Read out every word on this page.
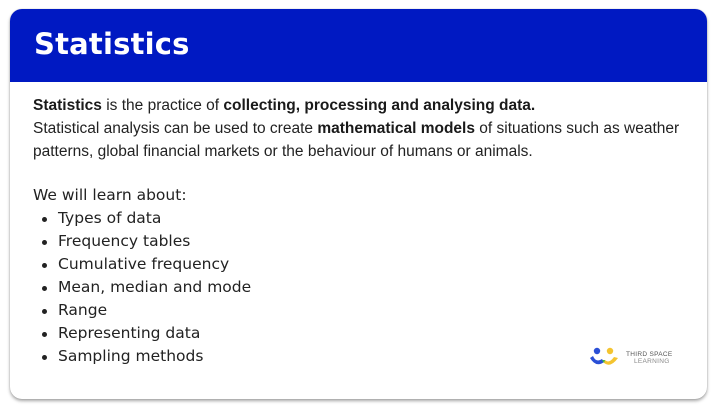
Statistics

Statistics is the practice of collecting, processing and analysing data.

Statistical analysis can be used to create mathematical models of situations such as weather patterns, global financial markets or the behaviour of humans or animals.

We will learn about:
Types of data
Frequency tables
Cumulative frequency
Mean, median and mode
Range
Representing data
Sampling methods	THIRD SPACE
LEARNING
